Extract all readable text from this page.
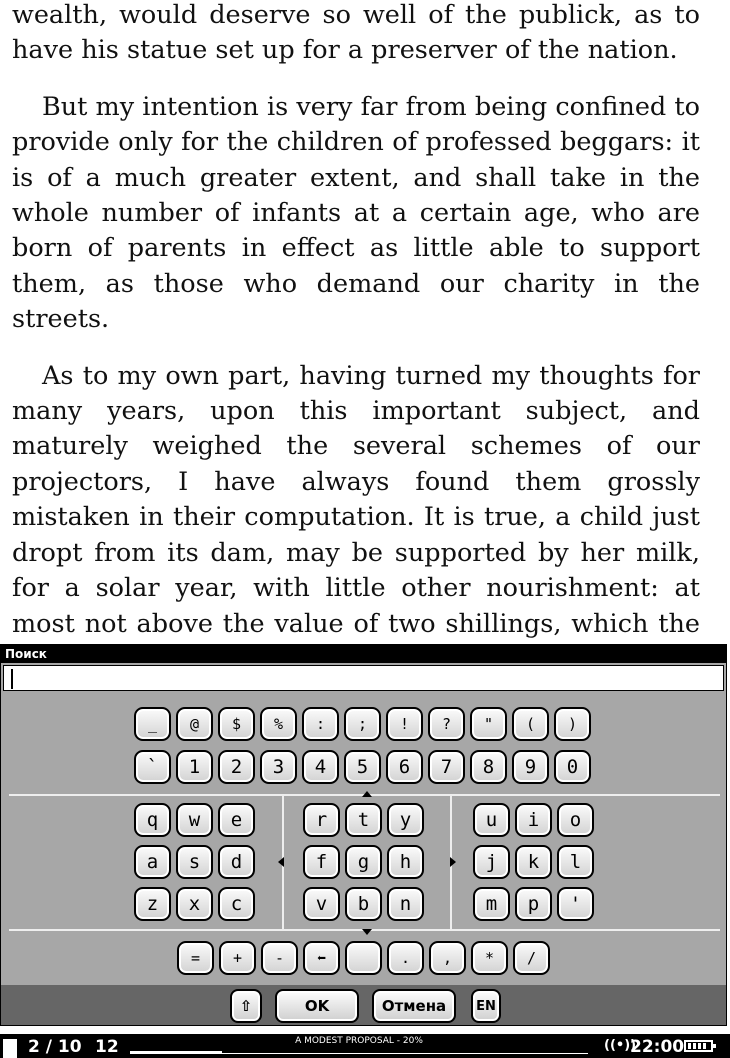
wealth, would deserve so well of the publick, as to have his statue set up for a preserver of the nation.

But my intention is very far from being confined to provide only for the children of professed beggars: it is of a much greater extent, and shall take in the whole number of infants at a certain age, who are born of parents in effect as little able to support them, as those who demand our charity in the streets.

As to my own part, having turned my thoughts for many years, upon this important subject, and maturely weighed the several schemes of our projectors, I have always found them grossly mistaken in their computation. It is true, a child just dropt from its dam, may be supported by her milk, for a solar year, with little other nourishment: at most not above the value of two shillings, which the

Поиск
_ @ $ % : ; ! ? " ( )
` 1 2 3 4 5 6 7 8 9 0
q w e
a s d
z x c
r t y
f g h
v b n
u i o
j k l
m p '
= + - ⬅	. , * /
⇧	OK	Отмена	EN
2 / 10 12	A MODEST PROPOSAL - 20%	((•))
22:00
